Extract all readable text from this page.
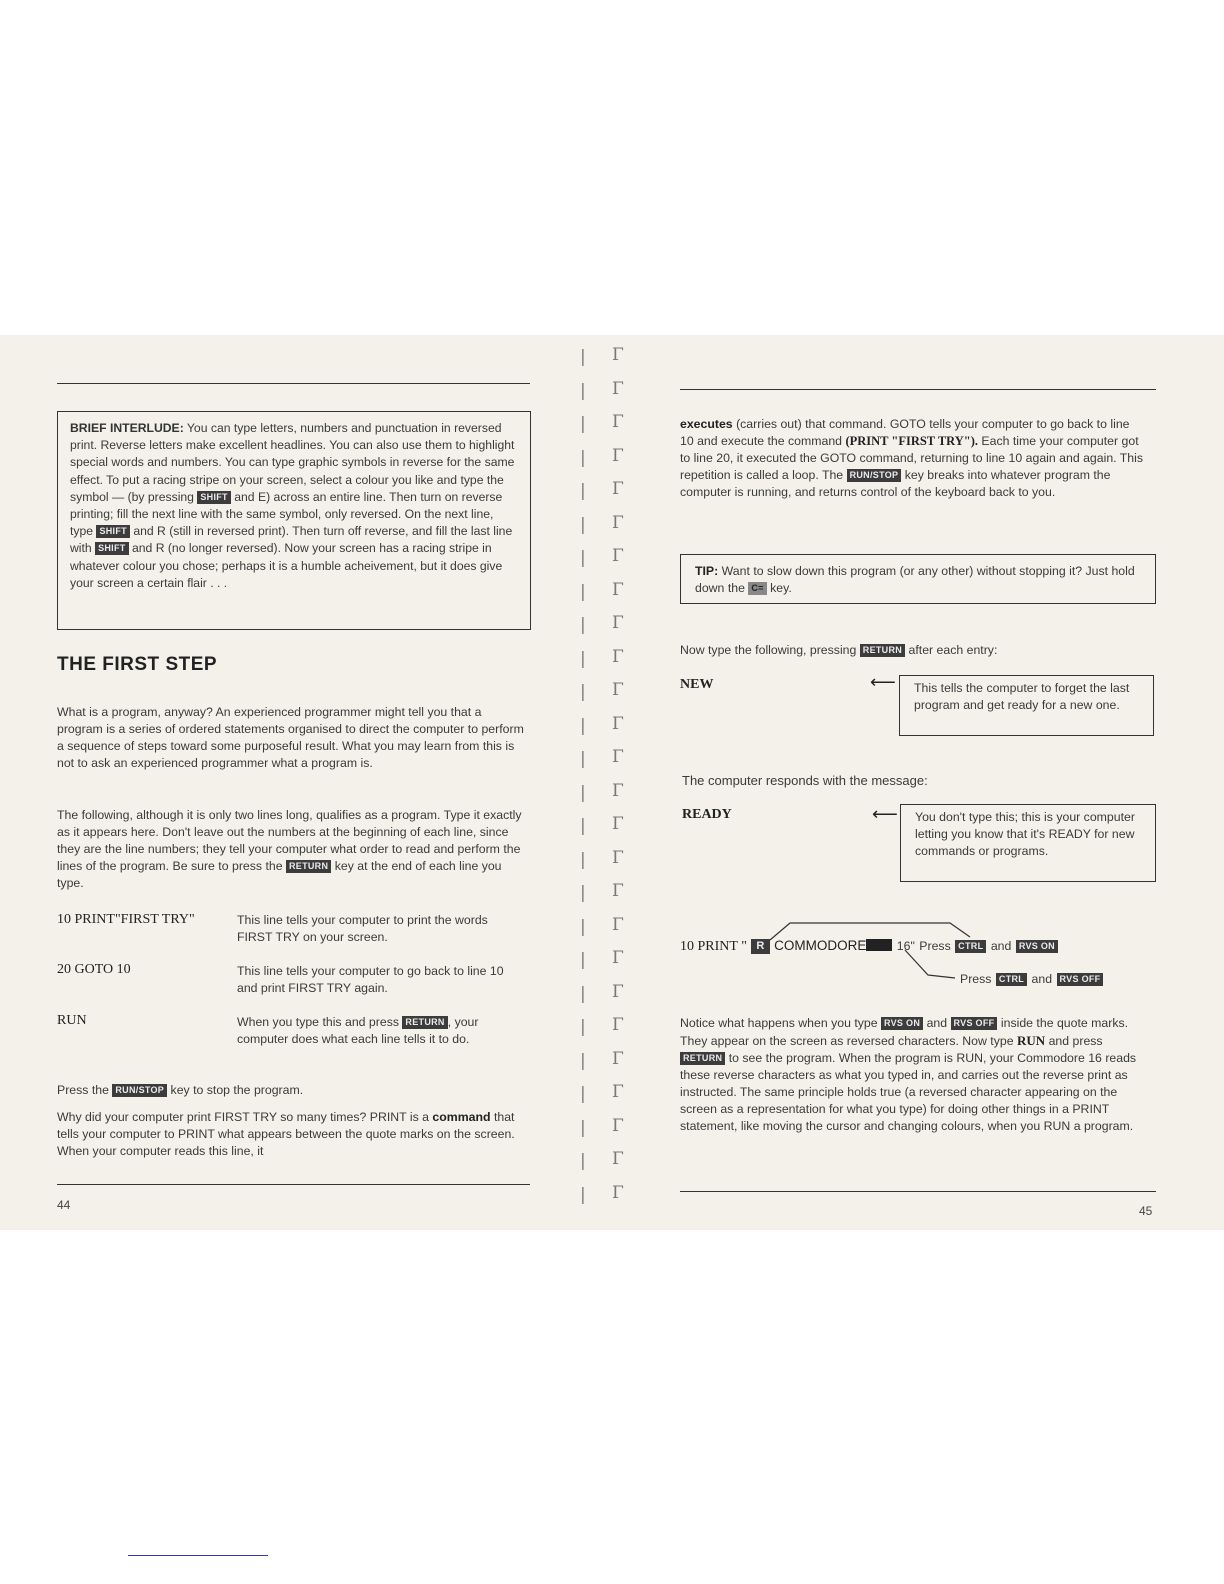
| Γ
| Γ
| Γ
| Γ
| Γ
| Γ
| Γ
| Γ
| Γ
| Γ
| Γ
| Γ
| Γ
| Γ
| Γ
| Γ
| Γ
| Γ
| Γ
| Γ
| Γ
| Γ
| Γ
| Γ
| Γ
| Γ
BRIEF INTERLUDE: You can type letters, numbers and punctuation in reversed print. Reverse letters make excellent headlines. You can also use them to highlight special words and numbers. You can type graphic symbols in reverse for the same effect. To put a racing stripe on your screen, select a colour you like and type the symbol — (by pressing SHIFT and E) across an entire line. Then turn on reverse printing; fill the next line with the same symbol, only reversed. On the next line, type SHIFT and R (still in reversed print). Then turn off reverse, and fill the last line with SHIFT and R (no longer reversed). Now your screen has a racing stripe in whatever colour you chose; perhaps it is a humble acheivement, but it does give your screen a certain flair . . .
THE FIRST STEP
What is a program, anyway? An experienced programmer might tell you that a program is a series of ordered statements organised to direct the computer to perform a sequence of steps toward some purposeful result. What you may learn from this is not to ask an experienced programmer what a program is.
The following, although it is only two lines long, qualifies as a program. Type it exactly as it appears here. Don't leave out the numbers at the beginning of each line, since they are the line numbers; they tell your computer what order to read and perform the lines of the program. Be sure to press the RETURN key at the end of each line you type.
10 PRINT"FIRST TRY"	This line tells your computer to print the words FIRST TRY on your screen.
20 GOTO 10	This line tells your computer to go back to line 10 and print FIRST TRY again.
RUN	When you type this and press RETURN , your computer does what each line tells it to do.
Press the RUN/STOP key to stop the program.
Why did your computer print FIRST TRY so many times? PRINT is a command that tells your computer to PRINT what appears between the quote marks on the screen. When your computer reads this line, it
44
executes (carries out) that command. GOTO tells your computer to go back to line 10 and execute the command (PRINT "FIRST TRY"). Each time your computer got to line 20, it executed the GOTO command, returning to line 10 again and again. This repetition is called a loop. The RUN/STOP key breaks into whatever program the computer is running, and returns control of the keyboard back to you.
TIP: Want to slow down this program (or any other) without stopping it? Just hold down the C= key.
Now type the following, pressing RETURN after each entry:
NEW	⟵ This tells the computer to forget the last program and get ready for a new one.
The computer responds with the message:
READY	⟵ You don't type this; this is your computer letting you know that it's READY for new commands or programs.
10 PRINT " R COMMODORE 16" Press CTRL and RVS ON
Press CTRL and RVS OFF
Notice what happens when you type RVS ON and RVS OFF inside the quote marks. They appear on the screen as reversed characters. Now type RUN and press RETURN to see the program. When the program is RUN, your Commodore 16 reads these reverse characters as what you typed in, and carries out the reverse print as instructed. The same principle holds true (a reversed character appearing on the screen as a representation for what you type) for doing other things in a PRINT statement, like moving the cursor and changing colours, when you RUN a program.
45
